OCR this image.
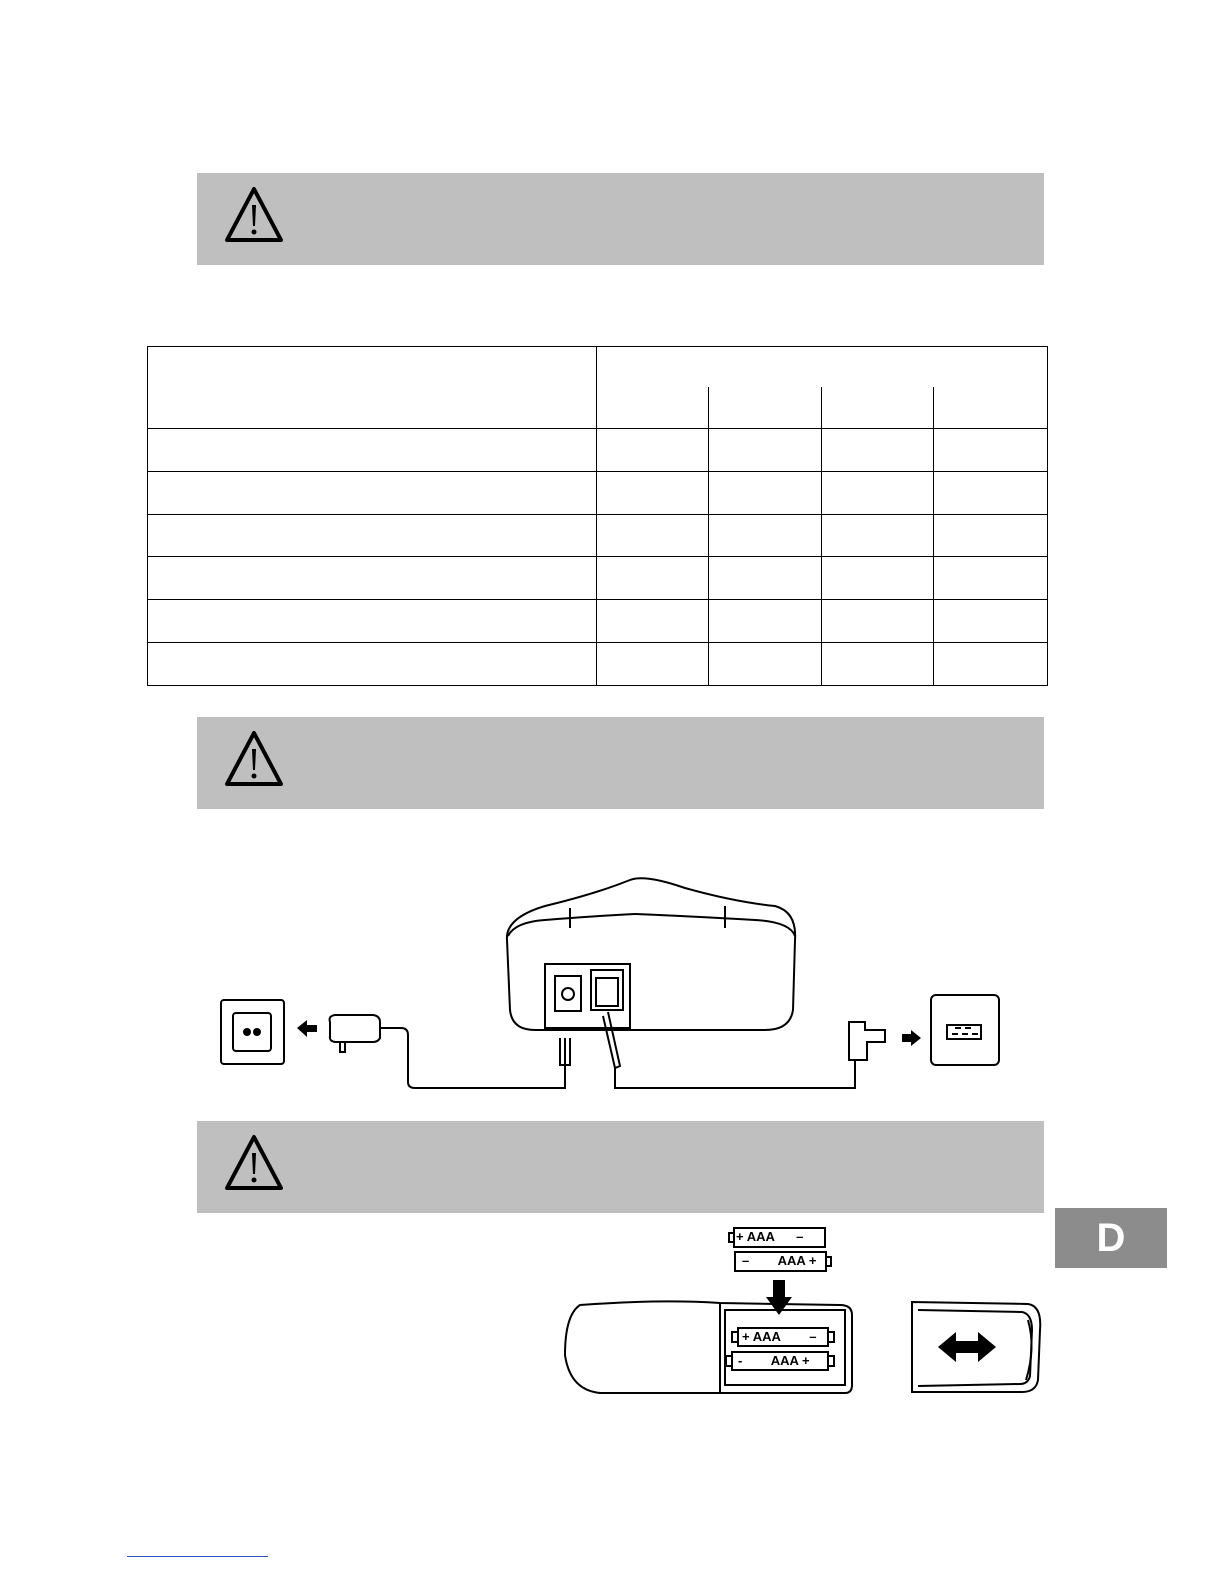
+ AAA      –
–        AAA +
+ AAA        –
-        AAA +
D
